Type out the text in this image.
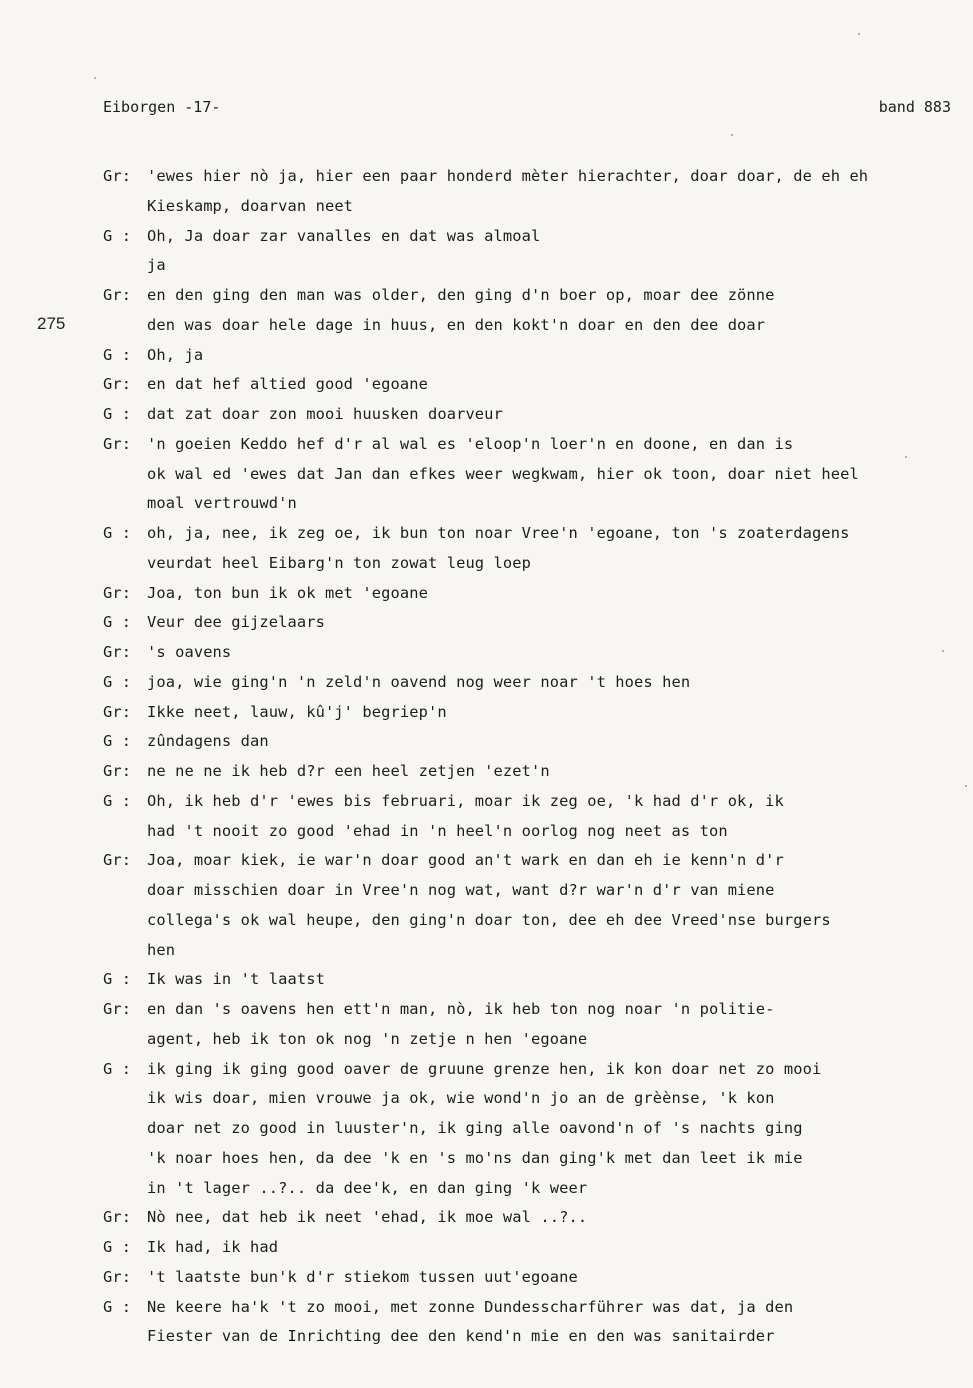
Eiborgen -17-	band 883
275
Gr:	'ewes hier nò ja, hier een paar honderd mèter hierachter, doar doar, de eh eh
Kieskamp, doarvan neet
G :	Oh, Ja doar zar vanalles en dat was almoal
ja
Gr:	en den ging den man was older, den ging d'n boer op, moar dee zönne
den was doar hele dage in huus, en den kokt'n doar en den dee doar
G :	Oh, ja
Gr:	en dat hef altied good 'egoane
G :	dat zat doar zon mooi huusken doarveur
Gr:	'n goeien Keddo hef d'r al wal es 'eloop'n loer'n en doone, en dan is
ok wal ed 'ewes dat Jan dan efkes weer wegkwam, hier ok toon, doar niet heel
moal vertrouwd'n
G :	oh, ja, nee, ik zeg oe, ik bun ton noar Vree'n 'egoane, ton 's zoaterdagens
veurdat heel Eibarg'n ton zowat leug loep
Gr:	Joa, ton bun ik ok met 'egoane
G :	Veur dee gijzelaars
Gr:	's oavens
G :	joa, wie ging'n 'n zeld'n oavend nog weer noar 't hoes hen
Gr:	Ikke neet, lauw, kû'j' begriep'n
G :	zûndagens dan
Gr:	ne ne ne ik heb d?r een heel zetjen 'ezet'n
G :	Oh, ik heb d'r 'ewes bis februari, moar ik zeg oe, 'k had d'r ok, ik
had 't nooit zo good 'ehad in 'n heel'n oorlog nog neet as ton
Gr:	Joa, moar kiek, ie war'n doar good an't wark en dan eh ie kenn'n d'r
doar misschien doar in Vree'n nog wat, want d?r war'n d'r van miene
collega's ok wal heupe, den ging'n doar ton, dee eh dee Vreed'nse burgers
hen
G :	Ik was in 't laatst
Gr:	en dan 's oavens hen ett'n man, nò, ik heb ton nog noar 'n politie-
agent, heb ik ton ok nog 'n zetje n hen 'egoane
G :	ik ging ik ging good oaver de gruune grenze hen, ik kon doar net zo mooi
ik wis doar, mien vrouwe ja ok, wie wond'n jo an de grèènse, 'k kon
doar net zo good in luuster'n, ik ging alle oavond'n of 's nachts ging
'k noar hoes hen, da dee 'k en 's mo'ns dan ging'k met dan leet ik mie
in 't lager ..?.. da dee'k, en dan ging 'k weer
Gr:	Nò nee, dat heb ik neet 'ehad, ik moe wal ..?..
G :	Ik had, ik had
Gr:	't laatste bun'k d'r stiekom tussen uut'egoane
G :	Ne keere ha'k 't zo mooi, met zonne Dundesscharführer was dat, ja den
Fiester van de Inrichting dee den kend'n mie en den was sanitairder
